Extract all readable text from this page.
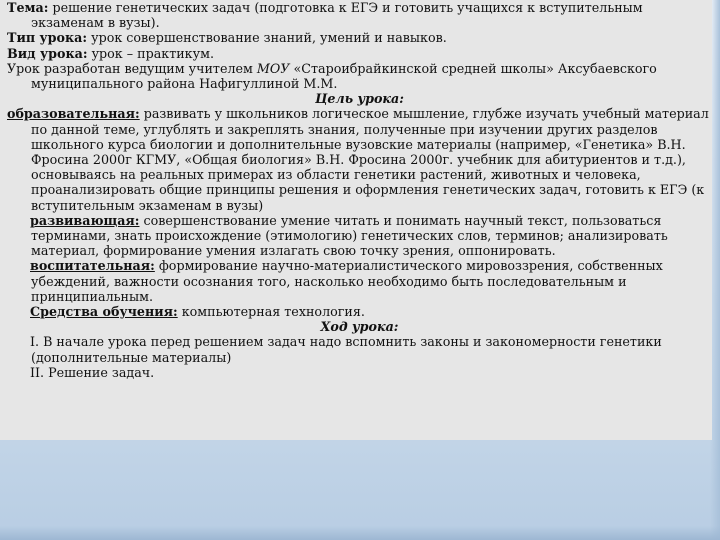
Тема: решение генетических задач (подготовка к ЕГЭ и готовить учащихся к вступительным экзаменам в вузы).

Тип урока: урок совершенствование знаний, умений и навыков.

Вид урока: урок – практикум.

Урок разработан ведущим учителем МОУ «Староибрайкинской средней школы» Аксубаевского муниципального района Нафигуллиной М.М.

Цель урока:

образовательная: развивать у школьников логическое мышление, глубже изучать учебный материал по данной теме, углублять и закреплять знания, полученные при изучении других разделов школьного курса биологии и дополнительные вузовские материалы (например, «Генетика» В.Н. Фросина 2000г КГМУ, «Общая биология» В.Н. Фросина 2000г. учебник для абитуриентов и т.д.), основываясь на реальных примерах из области генетики растений, животных и человека, проанализировать общие принципы решения и оформления генетических задач, готовить к ЕГЭ (к вступительным экзаменам в вузы)

развивающая: совершенствование умение читать и понимать научный текст, пользоваться терминами, знать происхождение (этимологию) генетических слов, терминов; анализировать материал, формирование умения излагать свою точку зрения, оппонировать.

воспитательная: формирование научно-материалистического мировоззрения, собственных убеждений, важности осознания того, насколько необходимо быть последовательным и принципиальным.

Средства обучения: компьютерная технология.

Ход урока:

I. В начале урока перед решением задач надо вспомнить законы и закономерности генетики (дополнительные материалы)

II. Решение задач.
